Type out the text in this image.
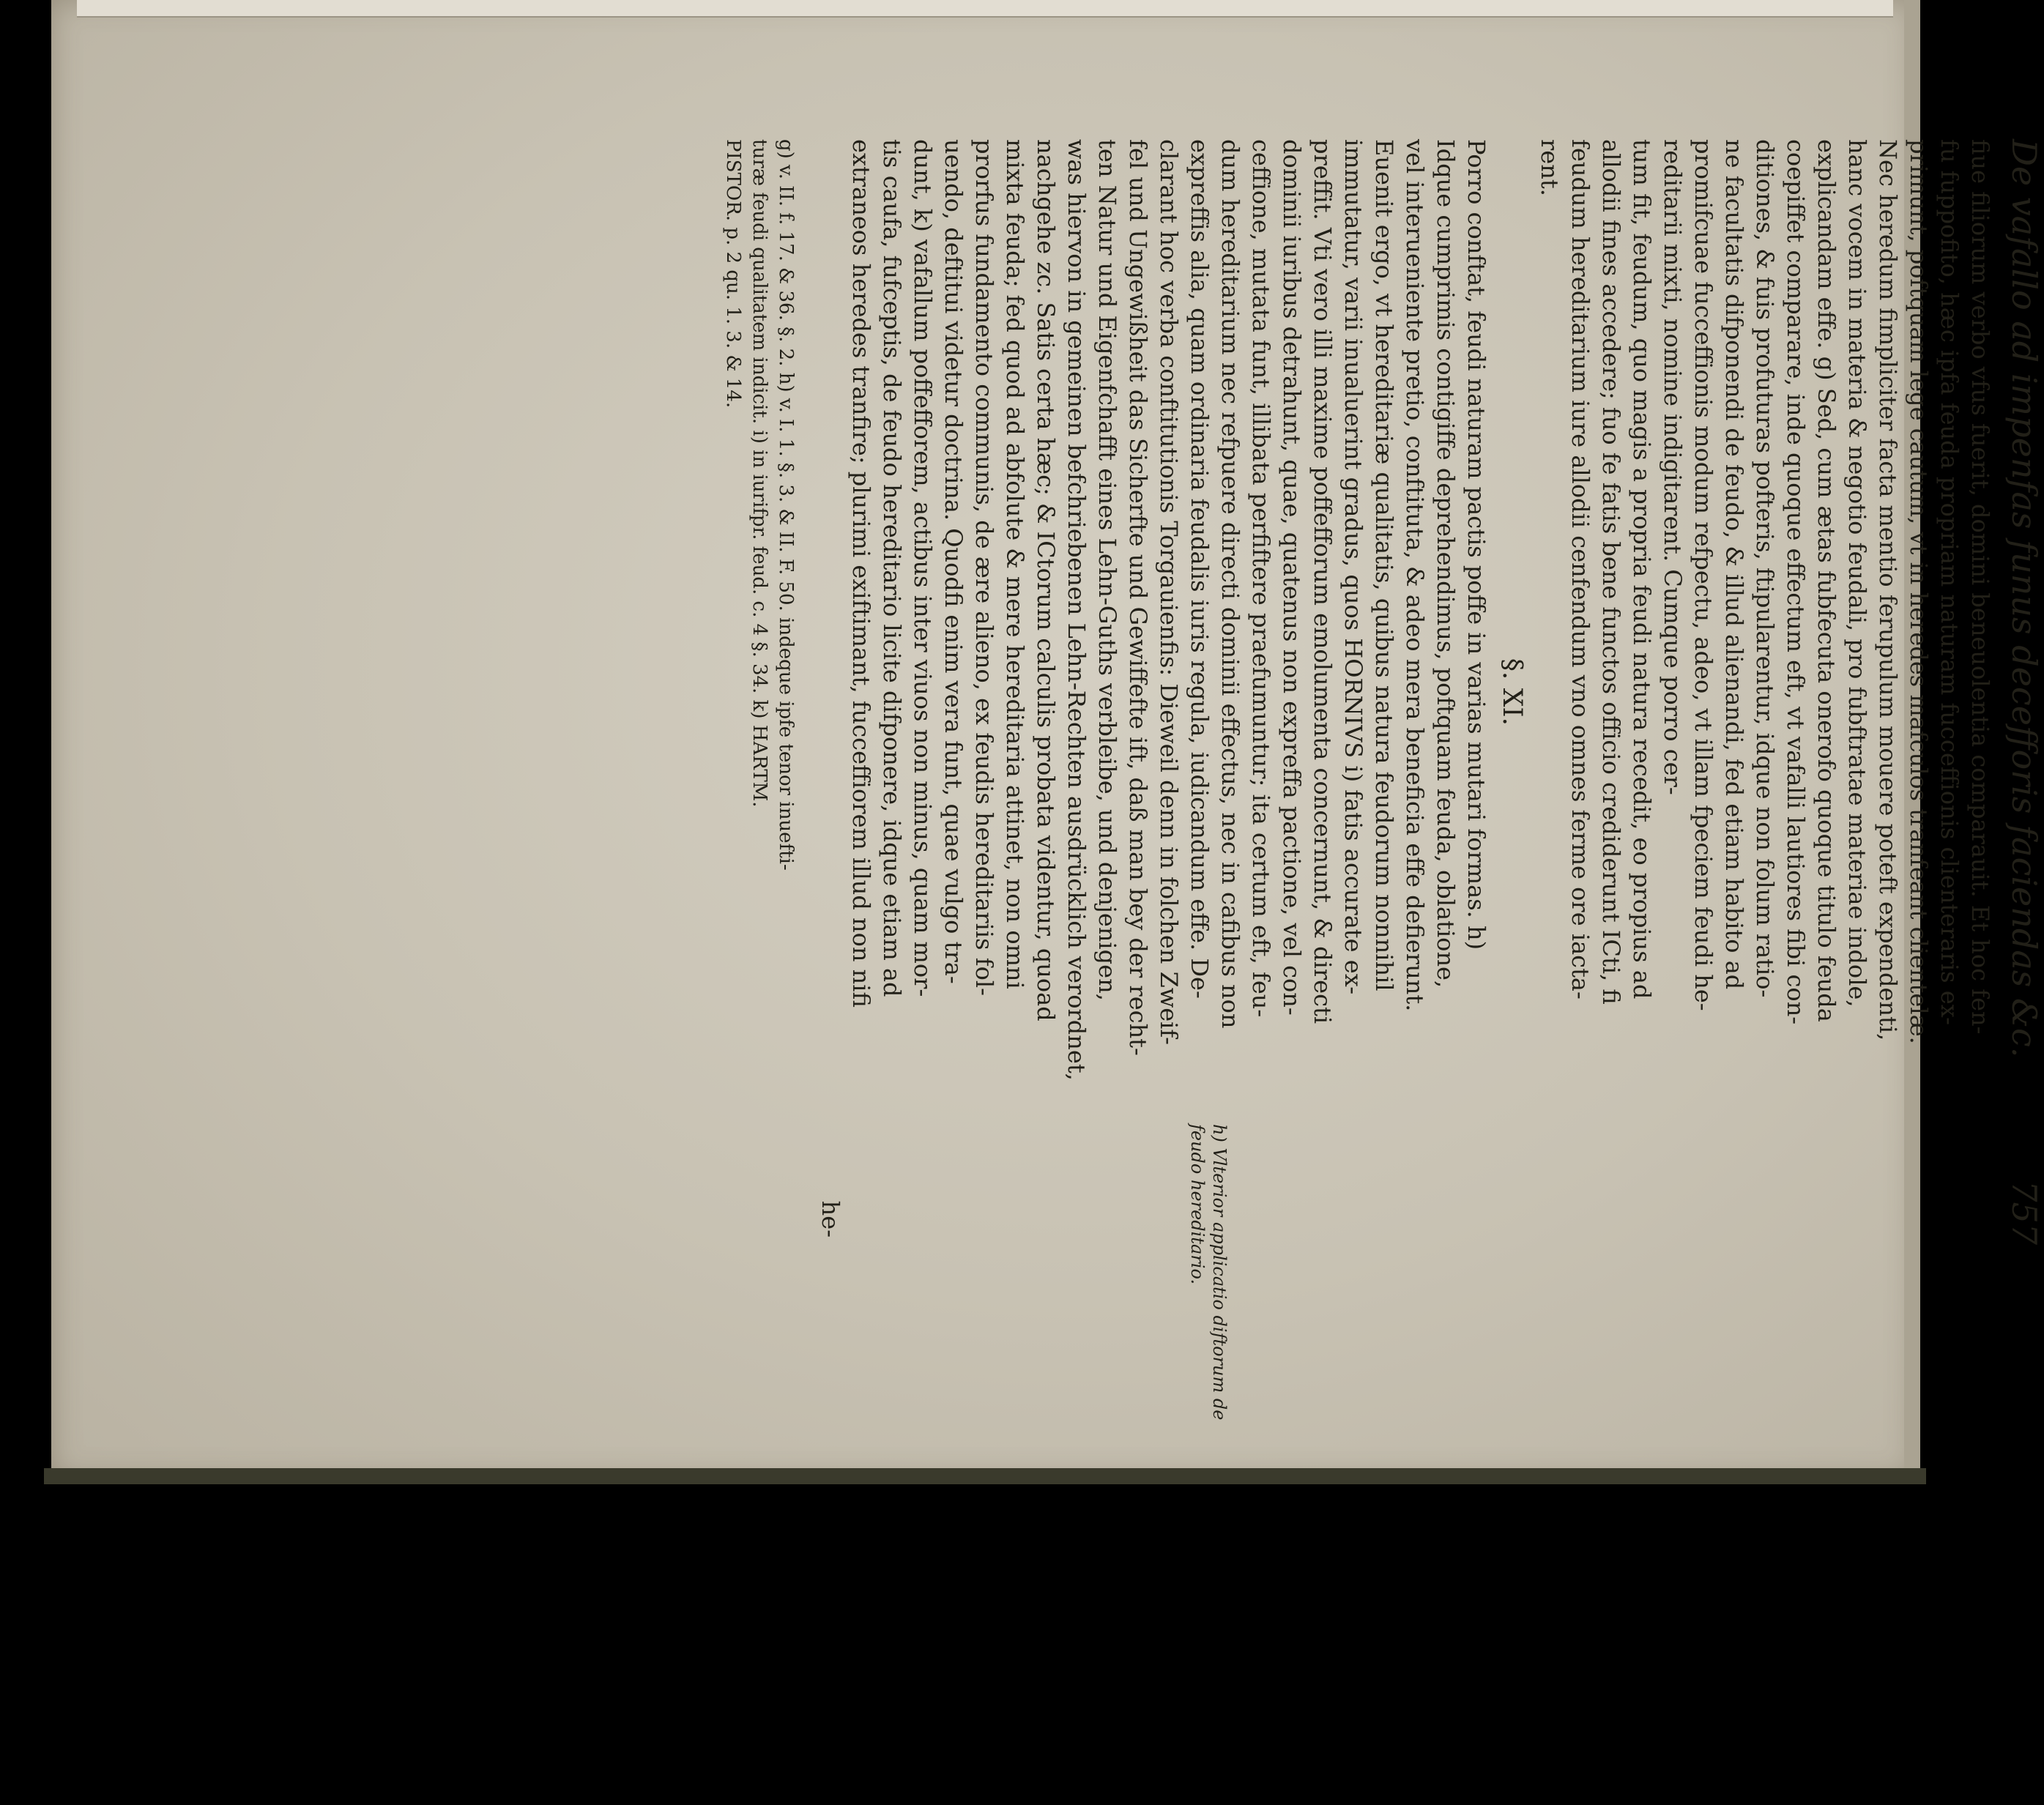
De vafallo ad impenfas funus decefforis faciendas &c.
757
fiue filiorum verbo vfus fuerit, domini beneuolentia comparauit. Et hoc fen-
fu fuppofito, hæc ipfa feuda propriam naturam fucceffionis clienteraris ex-
primunt, poftquam lege cautum, vt in heredes mafculos tranfeant clientelæ.
Nec heredum fimpliciter facta mentio ferupulum mouere poteft expendenti,
hanc vocem in materia & negotio feudali, pro fubftratae materiae indole,
explicandam effe. g) Sed, cum ætas fubfecuta onerofo quoque titulo feuda
coepiffet comparare, inde quoque effectum eft, vt vafalli lautiores fibi con-
ditiones, & fuis profuturas pofteris, ftipularentur, idque non folum ratio-
ne facultatis difponendi de feudo, & illud alienandi, fed etiam habito ad
promifcuae fucceffionis modum refpectu, adeo, vt illam fpeciem feudi he-
reditarii mixti, nomine indigitarent. Cumque porro cer-
tum fit, feudum, quo magis a propria feudi natura recedit, eo propius ad
allodii fines accedere; fuo fe fatis bene functos officio crediderunt ICti, fi
feudum hereditarium iure allodii cenfendum vno omnes ferme ore iacta-
rent.
§. XI.
Porro conftat, feudi naturam pactis poffe in varias mutari formas. h)
Idque cumprimis contigiffe deprehendimus, poftquam feuda, oblatione,
vel interueniente pretio, conftituta, & adeo mera beneficia effe defierunt.
Euenit ergo, vt hereditariæ qualitatis, quibus natura feudorum nonnihil
immutatur, varii inualuerint gradus, quos HORNIVS i) fatis accurate ex-
preffit. Vti vero illi maxime poffefforum emolumenta concernunt, & directi
dominii iuribus detrahunt, quae, quatenus non expreffa pactione, vel con-
ceffione, mutata funt, illibata perfiftere praefumuntur; ita certum eft, feu-
dum hereditarium nec refpuere directi dominii effectus, nec in cafibus non
expreffis alia, quam ordinaria feudalis iuris regula, iudicandum effe. De-
clarant hoc verba conftitutionis Torgauienfis: Dieweil denn in folchen Zweif-
fel und Ungewißheit das Sicherfte und Gewiffefte ift, daß man bey der recht-
ten Natur und Eigenfchafft eines Lehn-Guths verbleibe, und denjenigen,
was hiervon in gemeinen befchriebenen Lehn-Rechten ausdrücklich verordnet,
nachgehe zc. Satis certa hæc; & ICtorum calculis probata videntur, quoad
mixta feuda; fed quod ad abfolute & mere hereditaria attinet, non omni
prorfus fundamento communis, de ære alieno, ex feudis hereditariis fol-
uendo, deftitui videtur doctrina. Quodfi enim vera funt, quae vulgo tra-
dunt, k) vafallum poffefforem, actibus inter viuos non minus, quam mor-
tis caufa, fufceptis, de feudo hereditario licite difponere, idque etiam ad
extraneos heredes tranfire; plurimi exiftimant, fucceffiorem illud non nifi
he-
g) v. II. f. 17. & 36. §. 2. h) v. I. 1. §. 3. & II. F. 50. indeque ipfe tenor inuefti-
turæ feudi qualitatem indicit. i) in iurifpr. feud. c. 4 §. 34. k) HARTM.
PISTOR. p. 2 qu. 1. 3. & 14.
h) Vlterior applicatio diftorum de feudo hereditario.
